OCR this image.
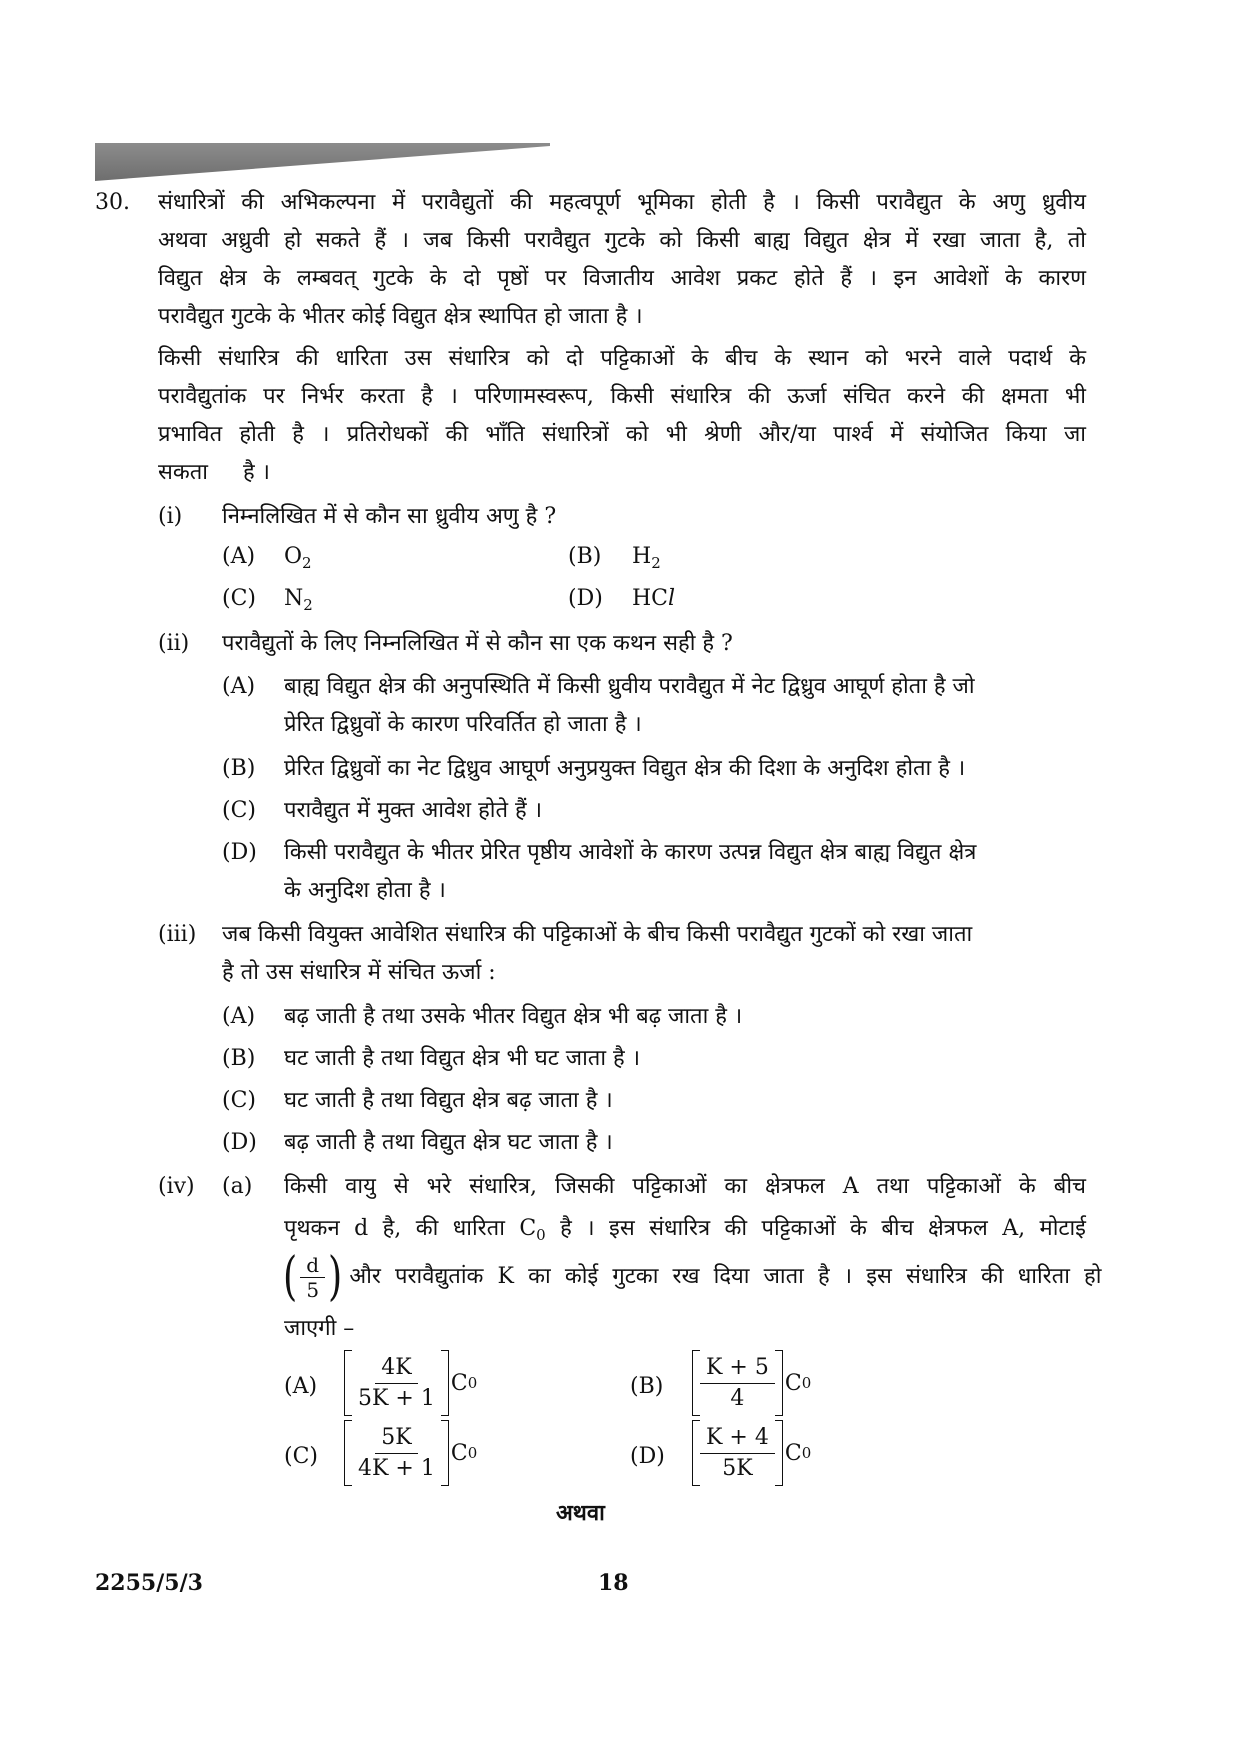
30. संधारित्रों की अभिकल्पना में परावैद्युतों की महत्वपूर्ण भूमिका होती है । किसी परावैद्युत के अणु ध्रुवीय
अथवा अध्रुवी हो सकते हैं । जब किसी परावैद्युत गुटके को किसी बाह्य विद्युत क्षेत्र में रखा जाता है, तो
विद्युत क्षेत्र के लम्बवत् गुटके के दो पृष्ठों पर विजातीय आवेश प्रकट होते हैं । इन आवेशों के कारण
परावैद्युत गुटके के भीतर कोई विद्युत क्षेत्र स्थापित हो जाता है ।
किसी संधारित्र की धारिता उस संधारित्र को दो पट्टिकाओं के बीच के स्थान को भरने वाले पदार्थ के
परावैद्युतांक पर निर्भर करता है । परिणामस्वरूप, किसी संधारित्र की ऊर्जा संचित करने की क्षमता भी
प्रभावित होती है । प्रतिरोधकों की भाँति संधारित्रों को भी श्रेणी और/या पार्श्व में संयोजित किया जा
सकता     है ।
(i) निम्नलिखित में से कौन सा ध्रुवीय अणु है ?
(A) $O_2$	(B) $H_2$
(C) $N_2$	(D) HCl
(ii) परावैद्युतों के लिए निम्नलिखित में से कौन सा एक कथन सही है ?
(A) बाह्य विद्युत क्षेत्र की अनुपस्थिति में किसी ध्रुवीय परावैद्युत में नेट द्विध्रुव आघूर्ण होता है जो
प्रेरित द्विध्रुवों के कारण परिवर्तित हो जाता है ।
(B) प्रेरित द्विध्रुवों का नेट द्विध्रुव आघूर्ण अनुप्रयुक्त विद्युत क्षेत्र की दिशा के अनुदिश होता है ।
(C) परावैद्युत में मुक्त आवेश होते हैं ।
(D) किसी परावैद्युत के भीतर प्रेरित पृष्ठीय आवेशों के कारण उत्पन्न विद्युत क्षेत्र बाह्य विद्युत क्षेत्र
के अनुदिश होता है ।
(iii) जब किसी वियुक्त आवेशित संधारित्र की पट्टिकाओं के बीच किसी परावैद्युत गुटकों को रखा जाता
है तो उस संधारित्र में संचित ऊर्जा :
(A) बढ़ जाती है तथा उसके भीतर विद्युत क्षेत्र भी बढ़ जाता है ।
(B) घट जाती है तथा विद्युत क्षेत्र भी घट जाता है ।
(C) घट जाती है तथा विद्युत क्षेत्र बढ़ जाता है ।
(D) बढ़ जाती है तथा विद्युत क्षेत्र घट जाता है ।
(iv) (a) किसी वायु से भरे संधारित्र, जिसकी पट्टिकाओं का क्षेत्रफल A तथा पट्टिकाओं के बीच
पृथकन d है, की धारिता $C_0$ है । इस संधारित्र की पट्टिकाओं के बीच क्षेत्रफल A, मोटाई
( $\frac{d}{5}$ ) और परावैद्युतांक K का कोई गुटका रख दिया जाता है । इस संधारित्र की धारिता हो
जाएगी –
$(A) \frac{4K}{5K + 1}$ C 0	$(B) \frac{K + 5}{4}$ C 0
$(C) \frac{5K}{4K + 1}$ C 0	$(D) \frac{K + 4}{5K}$ C 0
अथवा
2255/5/3	18
